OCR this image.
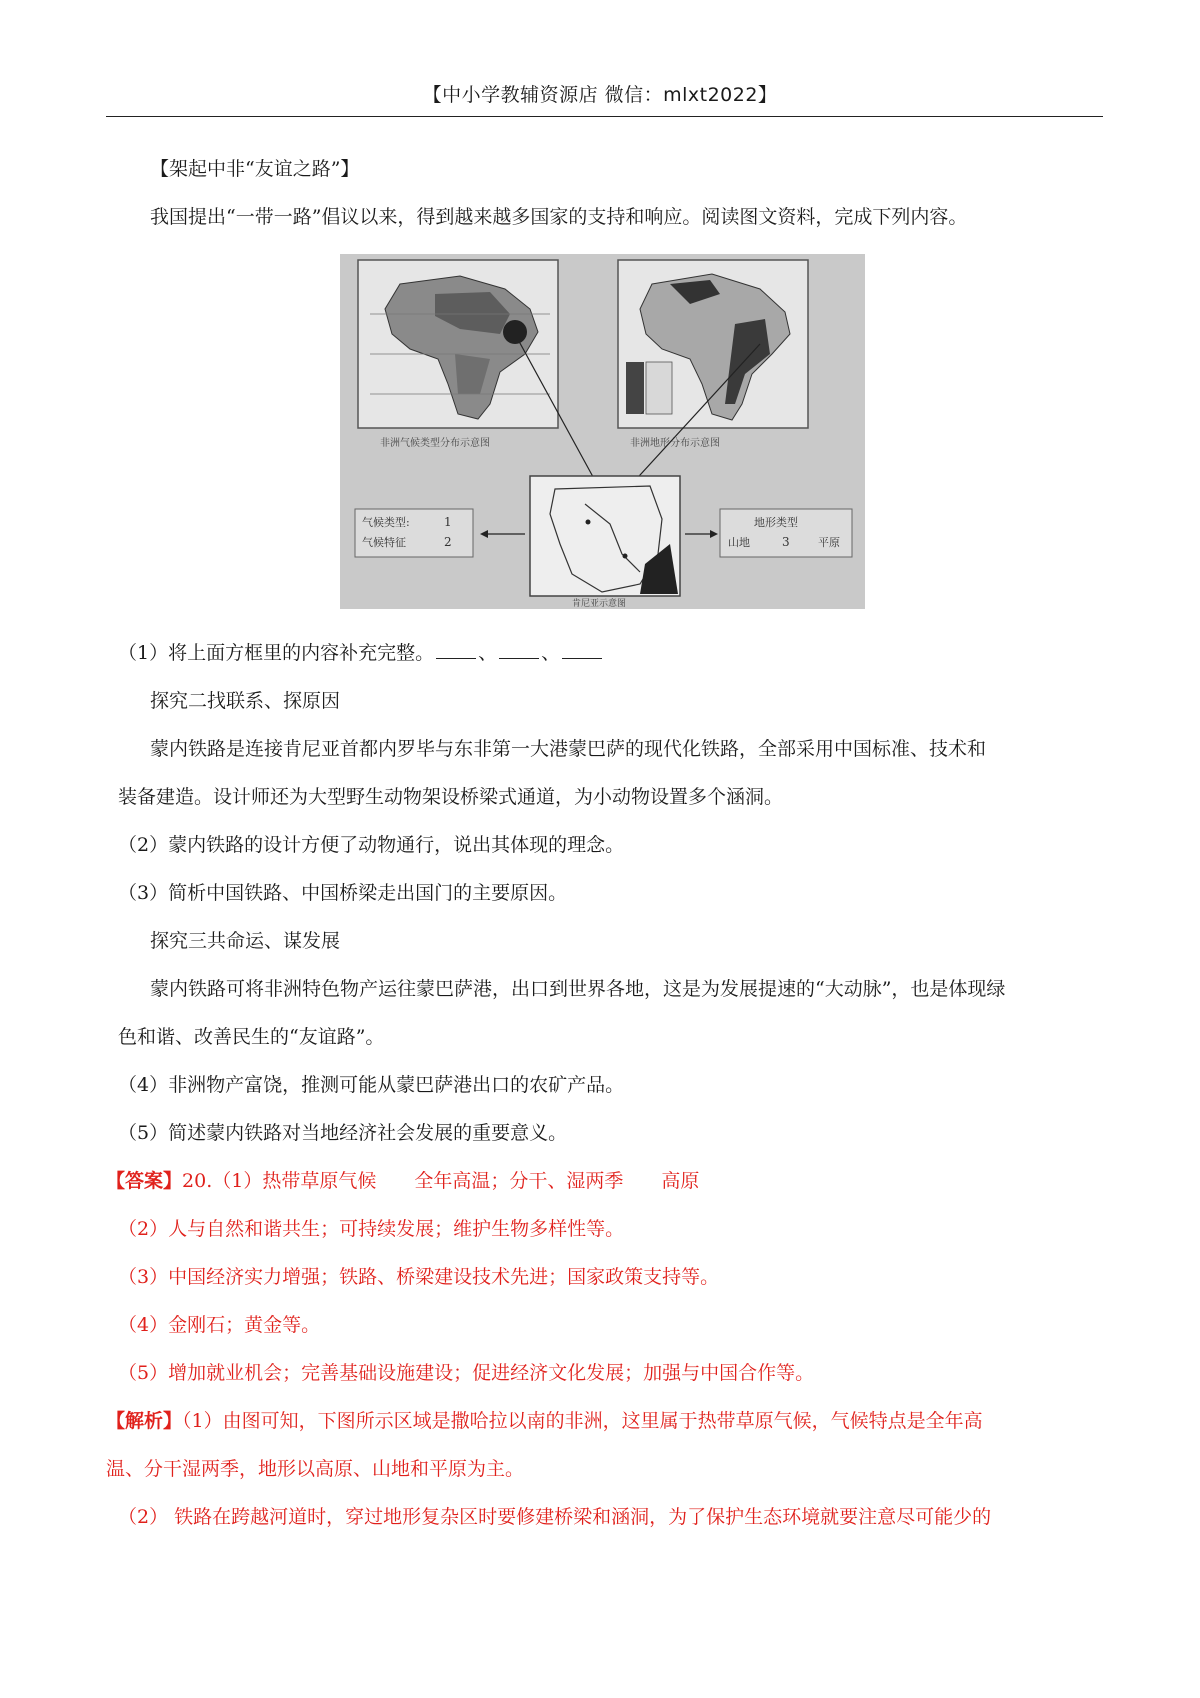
【中小学教辅资源店 微信：mlxt2022】
【架起中非“友谊之路”】
我国提出“一带一路”倡议以来，得到越来越多国家的支持和响应。阅读图文资料，完成下列内容。
非洲气候类型分布示意图	非洲地形分布示意图
肯尼亚示意图
气候类型:
气候特征
1
2
地形类型
山地	3	平原
（1）将上面方框里的内容补充完整。 、 、
探究二找联系、探原因
蒙内铁路是连接肯尼亚首都内罗毕与东非第一大港蒙巴萨的现代化铁路，全部采用中国标准、技术和
装备建造。设计师还为大型野生动物架设桥梁式通道，为小动物设置多个涵洞。
（2）蒙内铁路的设计方便了动物通行，说出其体现的理念。
（3）简析中国铁路、中国桥梁走出国门的主要原因。
探究三共命运、谋发展
蒙内铁路可将非洲特色物产运往蒙巴萨港，出口到世界各地，这是为发展提速的“大动脉”，也是体现绿
色和谐、改善民生的“友谊路”。
（4）非洲物产富饶，推测可能从蒙巴萨港出口的农矿产品。
（5）简述蒙内铁路对当地经济社会发展的重要意义。
【答案】20.（1）热带草原气候 全年高温；分干、湿两季 高原
（2）人与自然和谐共生；可持续发展；维护生物多样性等。
（3）中国经济实力增强；铁路、桥梁建设技术先进；国家政策支持等。
（4）金刚石；黄金等。
（5）增加就业机会；完善基础设施建设；促进经济文化发展；加强与中国合作等。
【解析】（1）由图可知，下图所示区域是撒哈拉以南的非洲，这里属于热带草原气候，气候特点是全年高
温、分干湿两季，地形以高原、山地和平原为主。
（2） 铁路在跨越河道时，穿过地形复杂区时要修建桥梁和涵洞，为了保护生态环境就要注意尽可能少的
